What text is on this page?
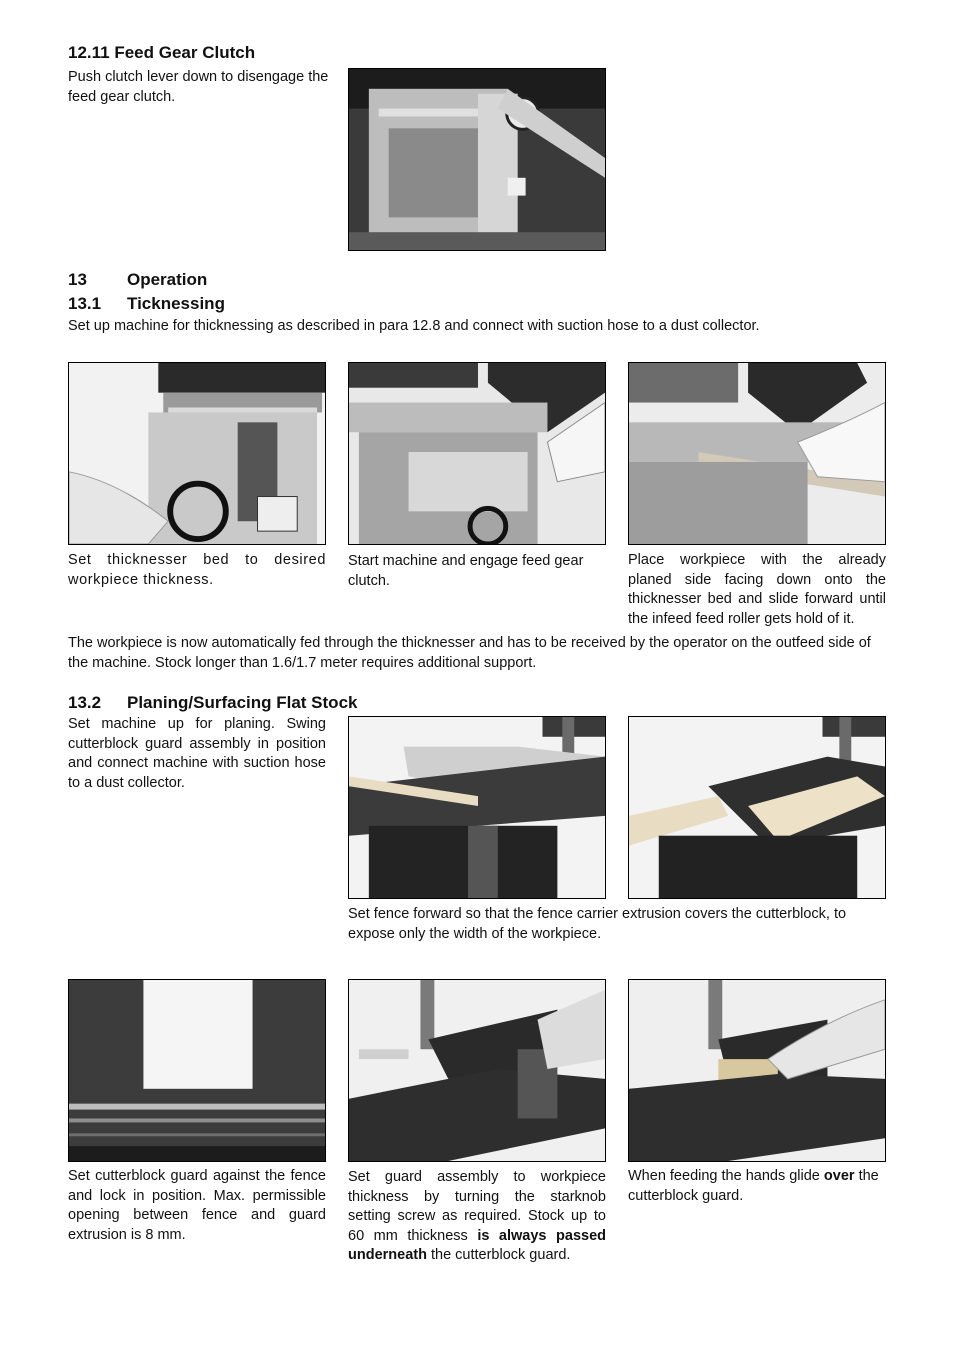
12.11 Feed Gear Clutch
Push clutch lever down to disengage the feed gear clutch.
13 Operation
13.1 Ticknessing
Set up machine for thicknessing as described in para 12.8 and connect with suction hose to a dust collector.
Set thicknesser bed to desired workpiece thickness.
Start machine and engage feed gear clutch.
Place workpiece with the already planed side facing down onto the thicknesser bed and slide forward until the infeed feed roller gets hold of it.
The workpiece is now automatically fed through the thicknesser and has to be received by the operator on the outfeed side of the machine. Stock longer than 1.6/1.7 meter requires additional support.
13.2 Planing/Surfacing Flat Stock
Set machine up for planing. Swing cutterblock guard assembly in position and connect machine with suction hose to a dust collector.
Set fence forward so that the fence carrier extrusion covers the cutterblock, to expose only the width of the workpiece.
Set cutterblock guard against the fence and lock in position. Max. permissible opening between fence and guard extrusion is 8 mm.
Set guard assembly to workpiece thickness by turning the starknob setting screw as required. Stock up to 60 mm thickness is always passed underneath the cutterblock guard.
When feeding the hands glide over the cutterblock guard.
